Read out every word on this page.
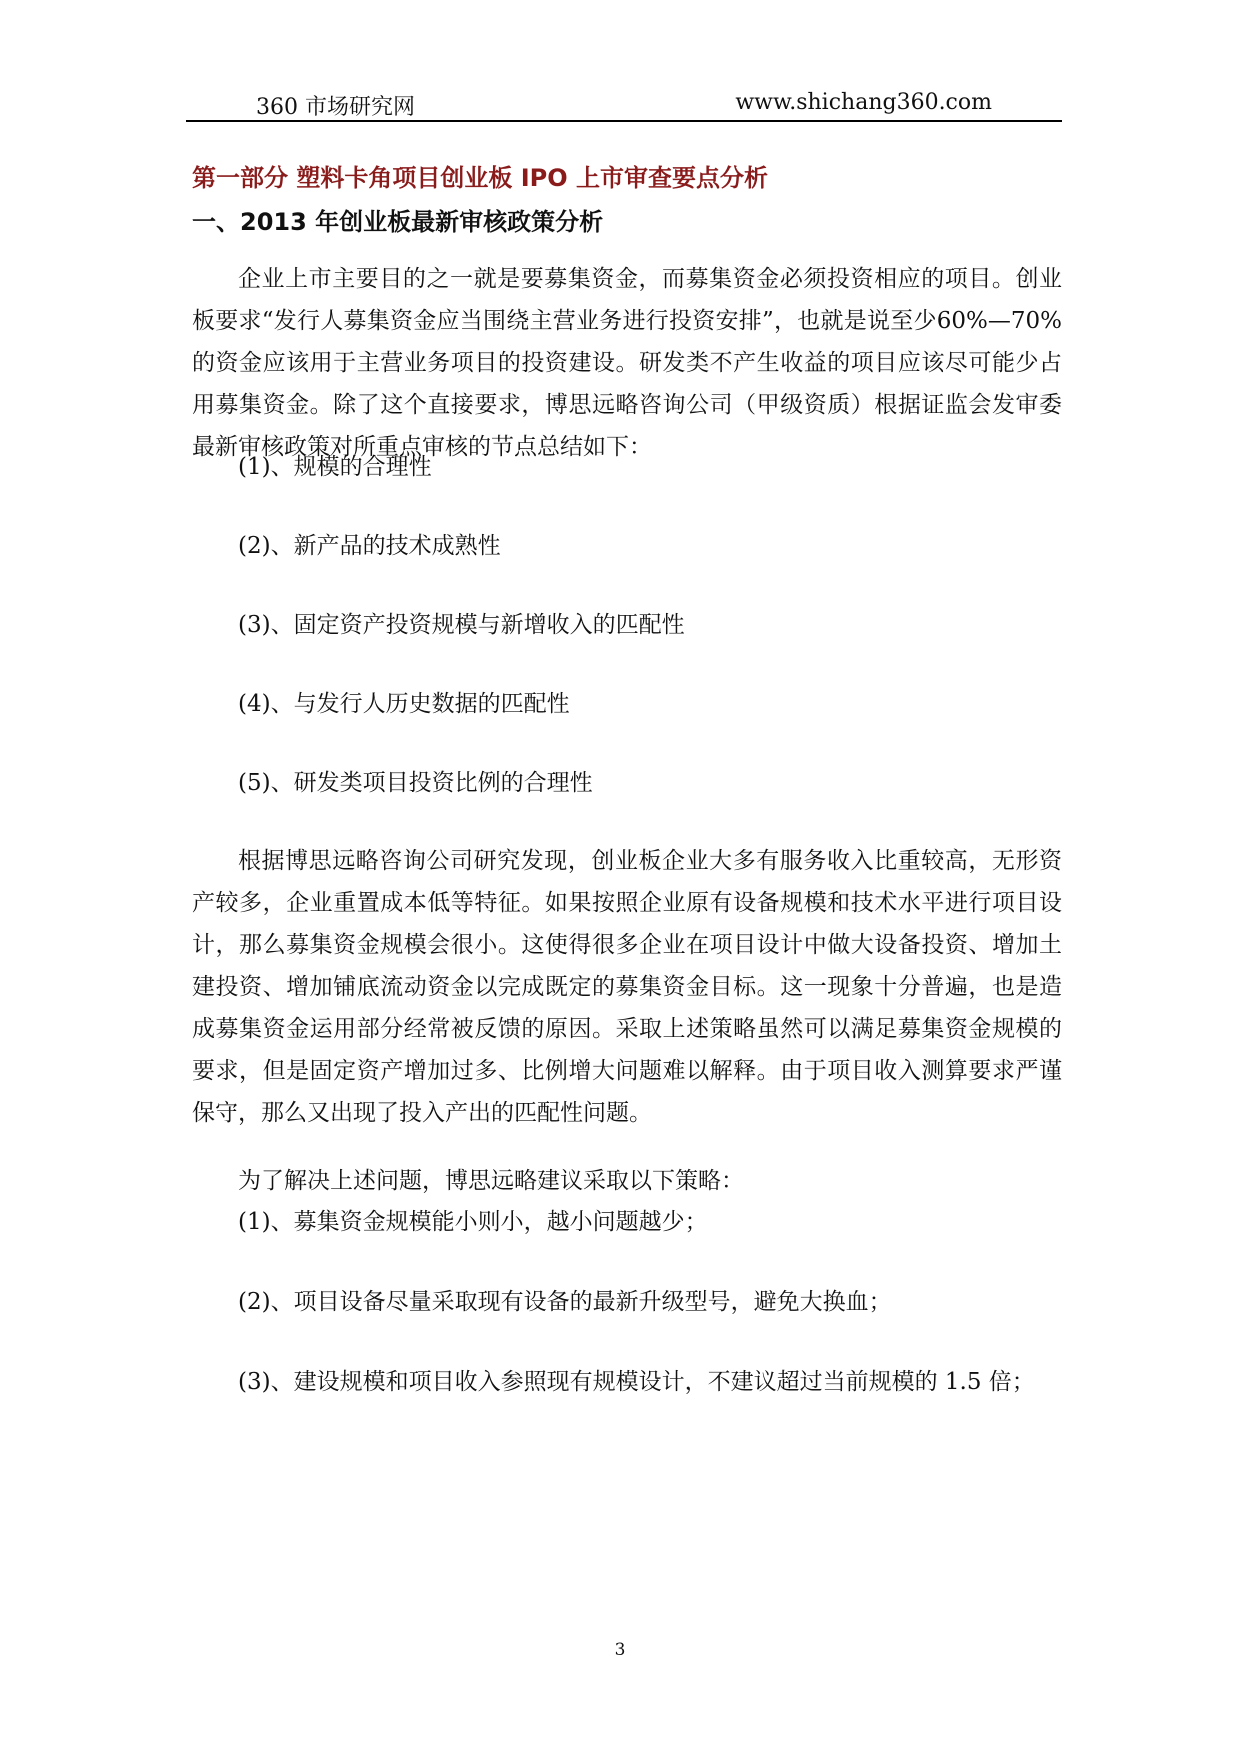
360 市场研究网	www.shichang360.com
第一部分 塑料卡角项目创业板 IPO 上市审查要点分析
一、2013 年创业板最新审核政策分析

企业上市主要目的之一就是要募集资金，而募集资金必须投资相应的项目。创业板要求“发行人募集资金应当围绕主营业务进行投资安排”，也就是说至少60%—70%的资金应该用于主营业务项目的投资建设。研发类不产生收益的项目应该尽可能少占用募集资金。除了这个直接要求，博思远略咨询公司（甲级资质）根据证监会发审委最新审核政策对所重点审核的节点总结如下：

(1)、规模的合理性

(2)、新产品的技术成熟性

(3)、固定资产投资规模与新增收入的匹配性

(4)、与发行人历史数据的匹配性

(5)、研发类项目投资比例的合理性

根据博思远略咨询公司研究发现，创业板企业大多有服务收入比重较高，无形资产较多，企业重置成本低等特征。如果按照企业原有设备规模和技术水平进行项目设计，那么募集资金规模会很小。这使得很多企业在项目设计中做大设备投资、增加土建投资、增加铺底流动资金以完成既定的募集资金目标。这一现象十分普遍，也是造成募集资金运用部分经常被反馈的原因。采取上述策略虽然可以满足募集资金规模的要求，但是固定资产增加过多、比例增大问题难以解释。由于项目收入测算要求严谨保守，那么又出现了投入产出的匹配性问题。

为了解决上述问题，博思远略建议采取以下策略：

(1)、募集资金规模能小则小，越小问题越少；

(2)、项目设备尽量采取现有设备的最新升级型号，避免大换血；

(3)、建设规模和项目收入参照现有规模设计，不建议超过当前规模的 1.5 倍；

3
